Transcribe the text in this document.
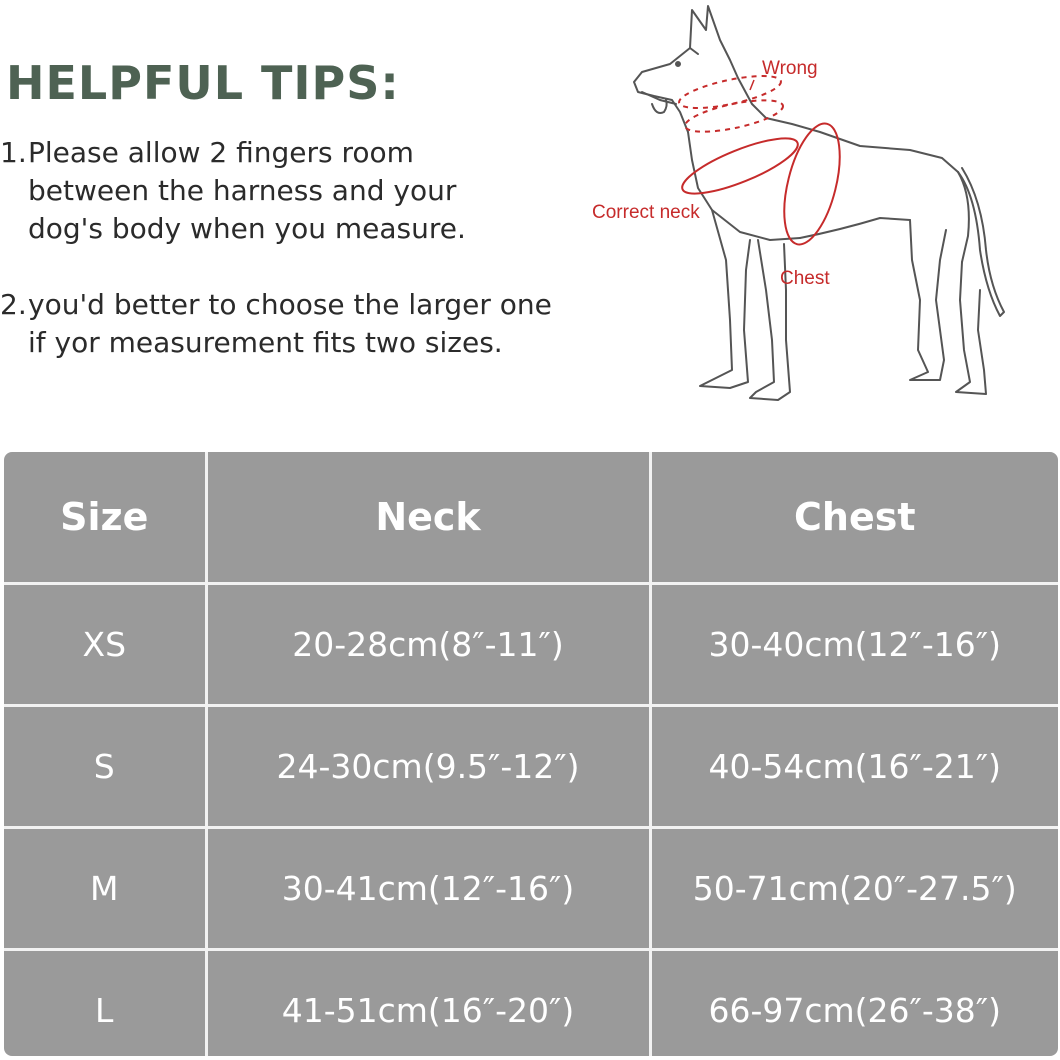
HELPFUL TIPS:
1. Please allow 2 fingers room
between the harness and your
dog's body when you measure.
2. you'd better to choose the larger one
if yor measurement fits two sizes.
Wrong
Correct neck
Chest
Size	Neck	Chest
XS	20-28cm(8″-11″)	30-40cm(12″-16″)
S	24-30cm(9.5″-12″)	40-54cm(16″-21″)
M	30-41cm(12″-16″)	50-71cm(20″-27.5″)
L	41-51cm(16″-20″)	66-97cm(26″-38″)
